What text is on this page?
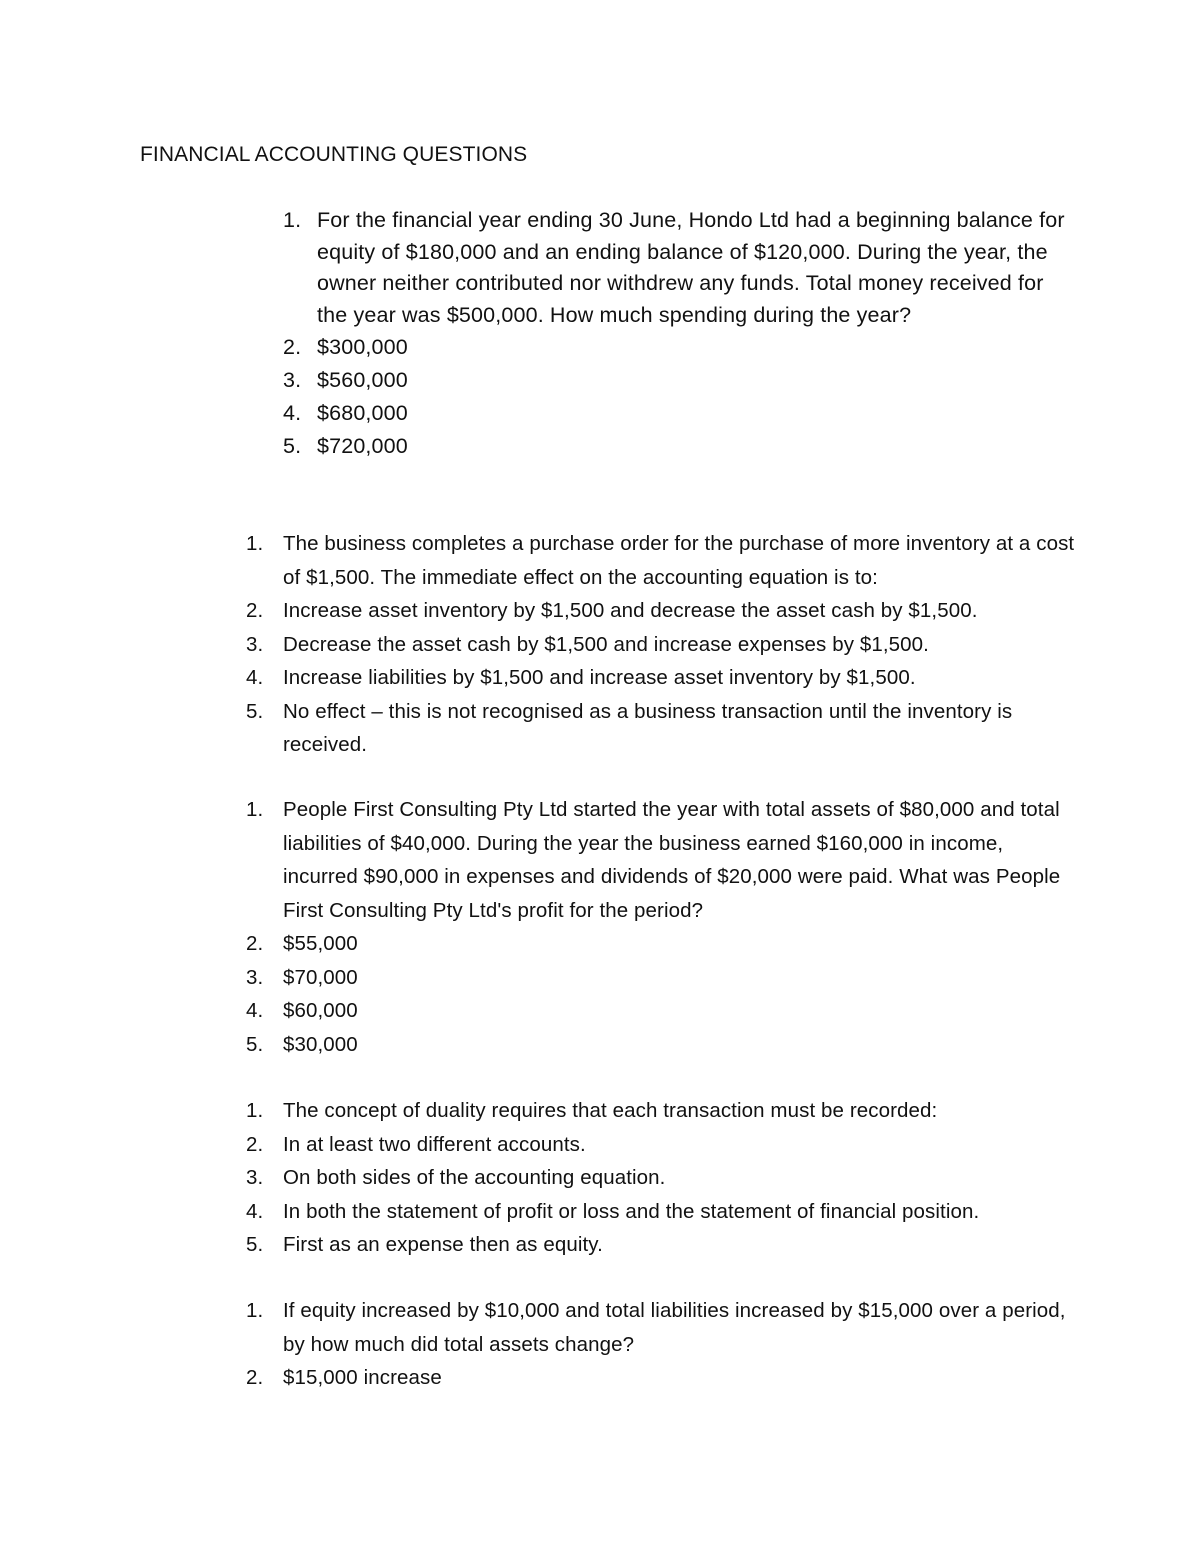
FINANCIAL ACCOUNTING QUESTIONS
1. For the financial year ending 30 June, Hondo Ltd had a beginning balance for equity of $180,000 and an ending balance of $120,000. During the year, the owner neither contributed nor withdrew any funds. Total money received for the year was $500,000. How much spending during the year?
2. $300,000
3. $560,000
4. $680,000
5. $720,000
1. The business completes a purchase order for the purchase of more inventory at a cost of $1,500. The immediate effect on the accounting equation is to:
2. Increase asset inventory by $1,500 and decrease the asset cash by $1,500.
3. Decrease the asset cash by $1,500 and increase expenses by $1,500.
4. Increase liabilities by $1,500 and increase asset inventory by $1,500.
5. No effect – this is not recognised as a business transaction until the inventory is received.
1. People First Consulting Pty Ltd started the year with total assets of $80,000 and total liabilities of $40,000. During the year the business earned $160,000 in income, incurred $90,000 in expenses and dividends of $20,000 were paid. What was People First Consulting Pty Ltd's profit for the period?
2. $55,000
3. $70,000
4. $60,000
5. $30,000
1. The concept of duality requires that each transaction must be recorded:
2. In at least two different accounts.
3. On both sides of the accounting equation.
4. In both the statement of profit or loss and the statement of financial position.
5. First as an expense then as equity.
1. If equity increased by $10,000 and total liabilities increased by $15,000 over a period, by how much did total assets change?
2. $15,000 increase
